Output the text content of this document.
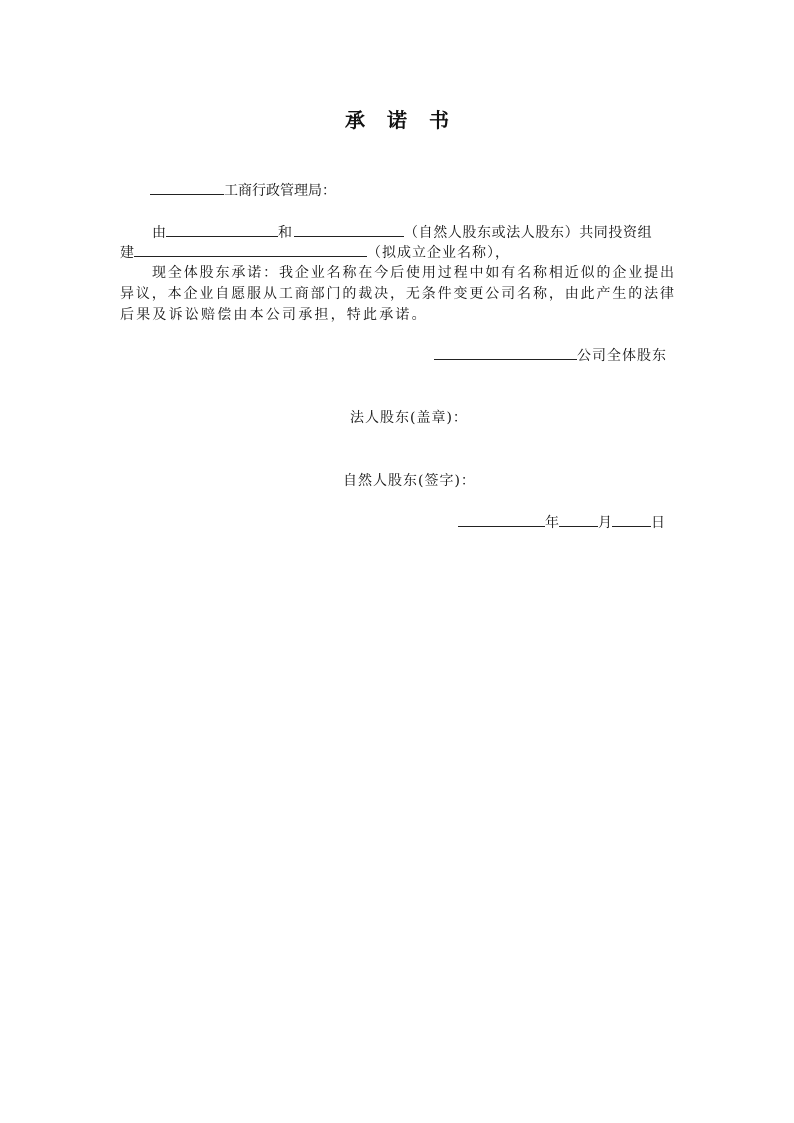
承诺书
工商行政管理局：
由	和	（自然人股东或法人股东）共同投资组
建	（拟成立企业名称），
现全体股东承诺：我企业名称在今后使用过程中如有名称相近似的企业提出
异议，本企业自愿服从工商部门的裁决，无条件变更公司名称，由此产生的法律
后果及诉讼赔偿由本公司承担，特此承诺。
公司全体股东
法人股东(盖章)：
自然人股东(签字)：
年	月	日
